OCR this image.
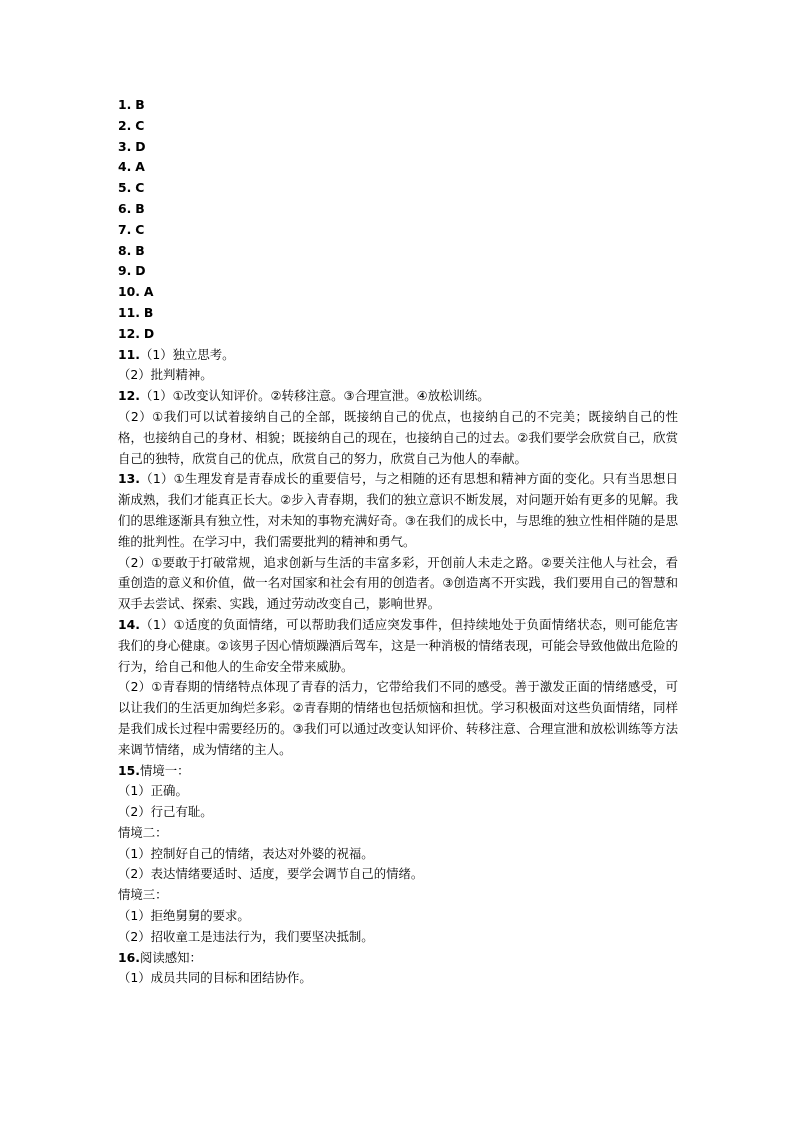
1. B

2. C

3. D

4. A

5. C

6. B

7. C

8. B

9. D

10. A

11. B

12. D

11.（1）独立思考。

（2）批判精神。

12.（1）①改变认知评价。②转移注意。③合理宣泄。④放松训练。

（2）①我们可以试着接纳自己的全部，既接纳自己的优点，也接纳自己的不完美；既接纳自己的性格，也接纳自己的身材、相貌；既接纳自己的现在，也接纳自己的过去。②我们要学会欣赏自己，欣赏自己的独特，欣赏自己的优点，欣赏自己的努力，欣赏自己为他人的奉献。

13.（1）①生理发育是青春成长的重要信号，与之相随的还有思想和精神方面的变化。只有当思想日渐成熟，我们才能真正长大。②步入青春期，我们的独立意识不断发展，对问题开始有更多的见解。我们的思维逐渐具有独立性，对未知的事物充满好奇。③在我们的成长中，与思维的独立性相伴随的是思维的批判性。在学习中，我们需要批判的精神和勇气。

（2）①要敢于打破常规，追求创新与生活的丰富多彩，开创前人未走之路。②要关注他人与社会，看重创造的意义和价值，做一名对国家和社会有用的创造者。③创造离不开实践，我们要用自己的智慧和双手去尝试、探索、实践，通过劳动改变自己，影响世界。

14.（1）①适度的负面情绪，可以帮助我们适应突发事件，但持续地处于负面情绪状态，则可能危害我们的身心健康。②该男子因心情烦躁酒后驾车，这是一种消极的情绪表现，可能会导致他做出危险的行为，给自己和他人的生命安全带来威胁。

（2）①青春期的情绪特点体现了青春的活力，它带给我们不同的感受。善于激发正面的情绪感受，可以让我们的生活更加绚烂多彩。②青春期的情绪也包括烦恼和担忧。学习积极面对这些负面情绪，同样是我们成长过程中需要经历的。③我们可以通过改变认知评价、转移注意、合理宣泄和放松训练等方法来调节情绪，成为情绪的主人。

15.情境一：

（1）正确。

（2）行己有耻。

情境二：

（1）控制好自己的情绪，表达对外婆的祝福。

（2）表达情绪要适时、适度，要学会调节自己的情绪。

情境三：

（1）拒绝舅舅的要求。

（2）招收童工是违法行为，我们要坚决抵制。

16.阅读感知：

（1）成员共同的目标和团结协作。
